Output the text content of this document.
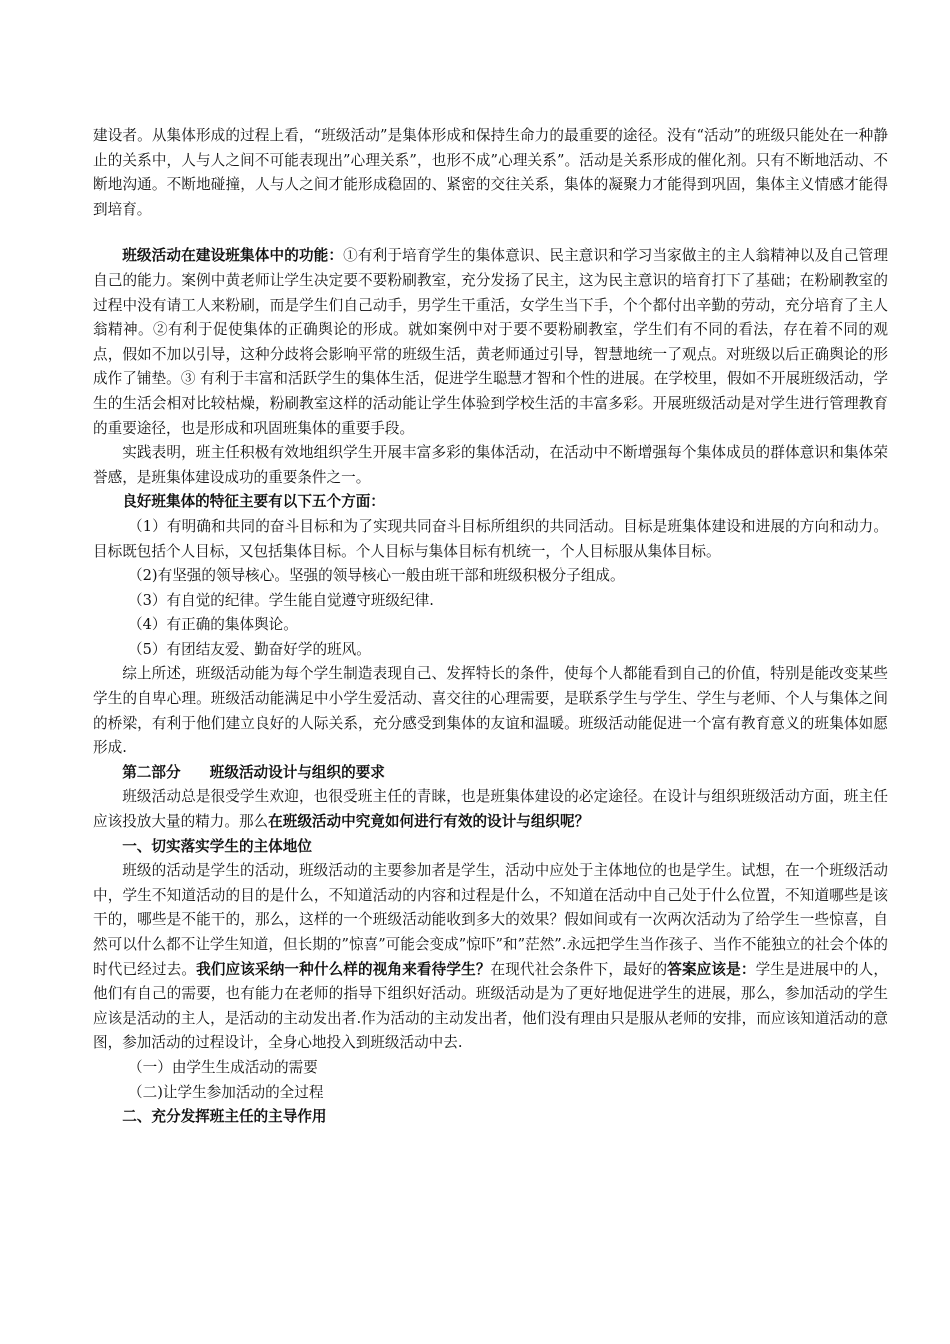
建设者。从集体形成的过程上看，“班级活动”是集体形成和保持生命力的最重要的途径。没有“活动”的班级只能处在一种静止的关系中，人与人之间不可能表现出”心理关系”，也形不成”心理关系”。活动是关系形成的催化剂。只有不断地活动、不断地沟通。不断地碰撞，人与人之间才能形成稳固的、紧密的交往关系，集体的凝聚力才能得到巩固，集体主义情感才能得到培育。

班级活动在建设班集体中的功能：①有利于培育学生的集体意识、民主意识和学习当家做主的主人翁精神以及自己管理自己的能力。案例中黄老师让学生决定要不要粉刷教室，充分发扬了民主，这为民主意识的培育打下了基础；在粉刷教室的过程中没有请工人来粉刷，而是学生们自己动手，男学生干重活，女学生当下手，个个都付出辛勤的劳动，充分培育了主人翁精神。②有利于促使集体的正确舆论的形成。就如案例中对于要不要粉刷教室，学生们有不同的看法，存在着不同的观点，假如不加以引导，这种分歧将会影响平常的班级生活，黄老师通过引导，智慧地统一了观点。对班级以后正确舆论的形成作了铺垫。③ 有利于丰富和活跃学生的集体生活，促进学生聪慧才智和个性的进展。在学校里，假如不开展班级活动，学生的生活会相对比较枯燥，粉刷教室这样的活动能让学生体验到学校生活的丰富多彩。开展班级活动是对学生进行管理教育的重要途径，也是形成和巩固班集体的重要手段。

实践表明，班主任积极有效地组织学生开展丰富多彩的集体活动，在活动中不断增强每个集体成员的群体意识和集体荣誉感，是班集体建设成功的重要条件之一。

良好班集体的特征主要有以下五个方面：

（1）有明确和共同的奋斗目标和为了实现共同奋斗目标所组织的共同活动。目标是班集体建设和进展的方向和动力。目标既包括个人目标，又包括集体目标。个人目标与集体目标有机统一，个人目标服从集体目标。

（2)有坚强的领导核心。坚强的领导核心一般由班干部和班级积极分子组成。

（3）有自觉的纪律。学生能自觉遵守班级纪律.

（4）有正确的集体舆论。

（5）有团结友爱、勤奋好学的班风。

综上所述，班级活动能为每个学生制造表现自己、发挥特长的条件，使每个人都能看到自己的价值，特别是能改变某些学生的自卑心理。班级活动能满足中小学生爱活动、喜交往的心理需要，是联系学生与学生、学生与老师、个人与集体之间的桥梁，有利于他们建立良好的人际关系，充分感受到集体的友谊和温暖。班级活动能促进一个富有教育意义的班集体如愿形成.

第二部分　　班级活动设计与组织的要求

班级活动总是很受学生欢迎，也很受班主任的青睐，也是班集体建设的必定途径。在设计与组织班级活动方面，班主任应该投放大量的精力。那么在班级活动中究竟如何进行有效的设计与组织呢？

一、切实落实学生的主体地位

班级的活动是学生的活动，班级活动的主要参加者是学生，活动中应处于主体地位的也是学生。试想，在一个班级活动中，学生不知道活动的目的是什么，不知道活动的内容和过程是什么，不知道在活动中自己处于什么位置，不知道哪些是该干的，哪些是不能干的，那么，这样的一个班级活动能收到多大的效果？假如间或有一次两次活动为了给学生一些惊喜，自然可以什么都不让学生知道，但长期的”惊喜”可能会变成”惊吓”和”茫然”.永远把学生当作孩子、当作不能独立的社会个体的时代已经过去。我们应该采纳一种什么样的视角来看待学生？在现代社会条件下，最好的答案应该是：学生是进展中的人，他们有自己的需要，也有能力在老师的指导下组织好活动。班级活动是为了更好地促进学生的进展，那么，参加活动的学生应该是活动的主人，是活动的主动发出者.作为活动的主动发出者，他们没有理由只是服从老师的安排，而应该知道活动的意图，参加活动的过程设计，全身心地投入到班级活动中去.

（一）由学生生成活动的需要

（二)让学生参加活动的全过程

二、充分发挥班主任的主导作用
